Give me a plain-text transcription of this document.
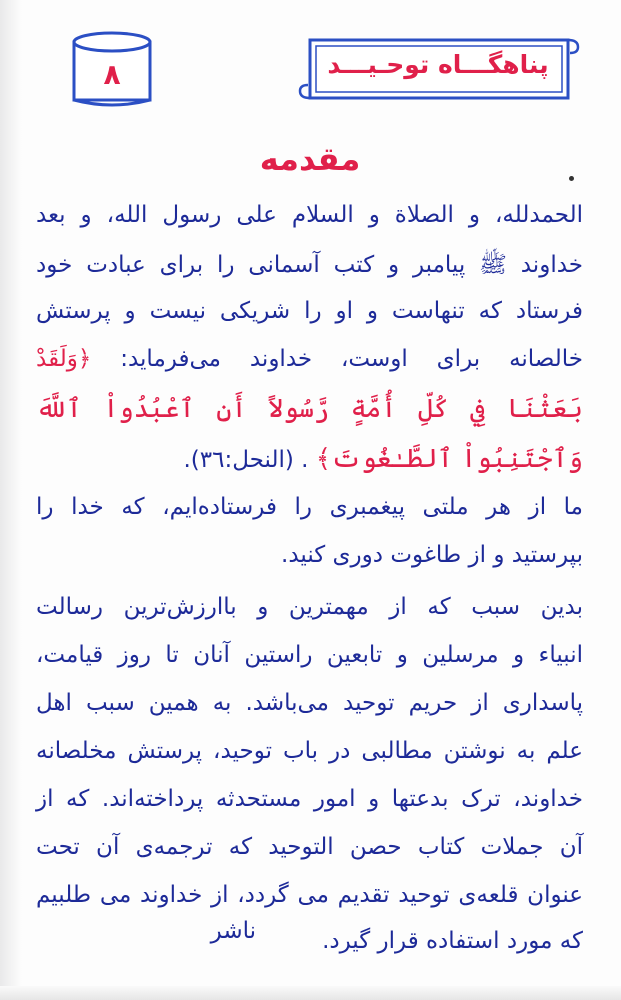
۸	پناهگـــاه توحـیـــد
مقدمه
الحمدلله، و الصلاة و السلام علی رسول الله، و بعد
خداوند ﷺ پیامبر و کتب آسمانی را برای عبادت خود
فرستاد که تنهاست و او را شریکی نیست و پرستش
خالصانه برای اوست، خداوند می‌فرماید: ﴿وَلَقَدْ
بَعَثْنَا فِي كُلِّ أُمَّةٍ رَّسُولاً أَنِ ٱعْبُدُواْ ٱللَّهَ
وَٱجْتَنِبُواْ ٱلطَّـٰغُوتَ﴾ . (النحل:٣٦).
ما از هر ملتی پیغمبری را فرستاده‌ایم، که خدا را
بپرستید و از طاغوت دوری کنید.
بدین سبب که از مهمترین و باارزش‌ترین رسالت
انبیاء و مرسلین و تابعین راستین آنان تا روز قیامت،
پاسداری از حریم توحید می‌باشد. به همین سبب اهل
علم به نوشتن مطالبی در باب توحید، پرستش مخلصانه
خداوند، ترک بدعتها و امور مستحدثه پرداخته‌اند. که از
آن جملات کتاب حصن التوحید که ترجمه‌ی آن تحت
عنوان قلعه‌ی توحید تقدیم می گردد، از خداوند می طلبیم
که مورد استفاده قرار گیرد.
ناشر
